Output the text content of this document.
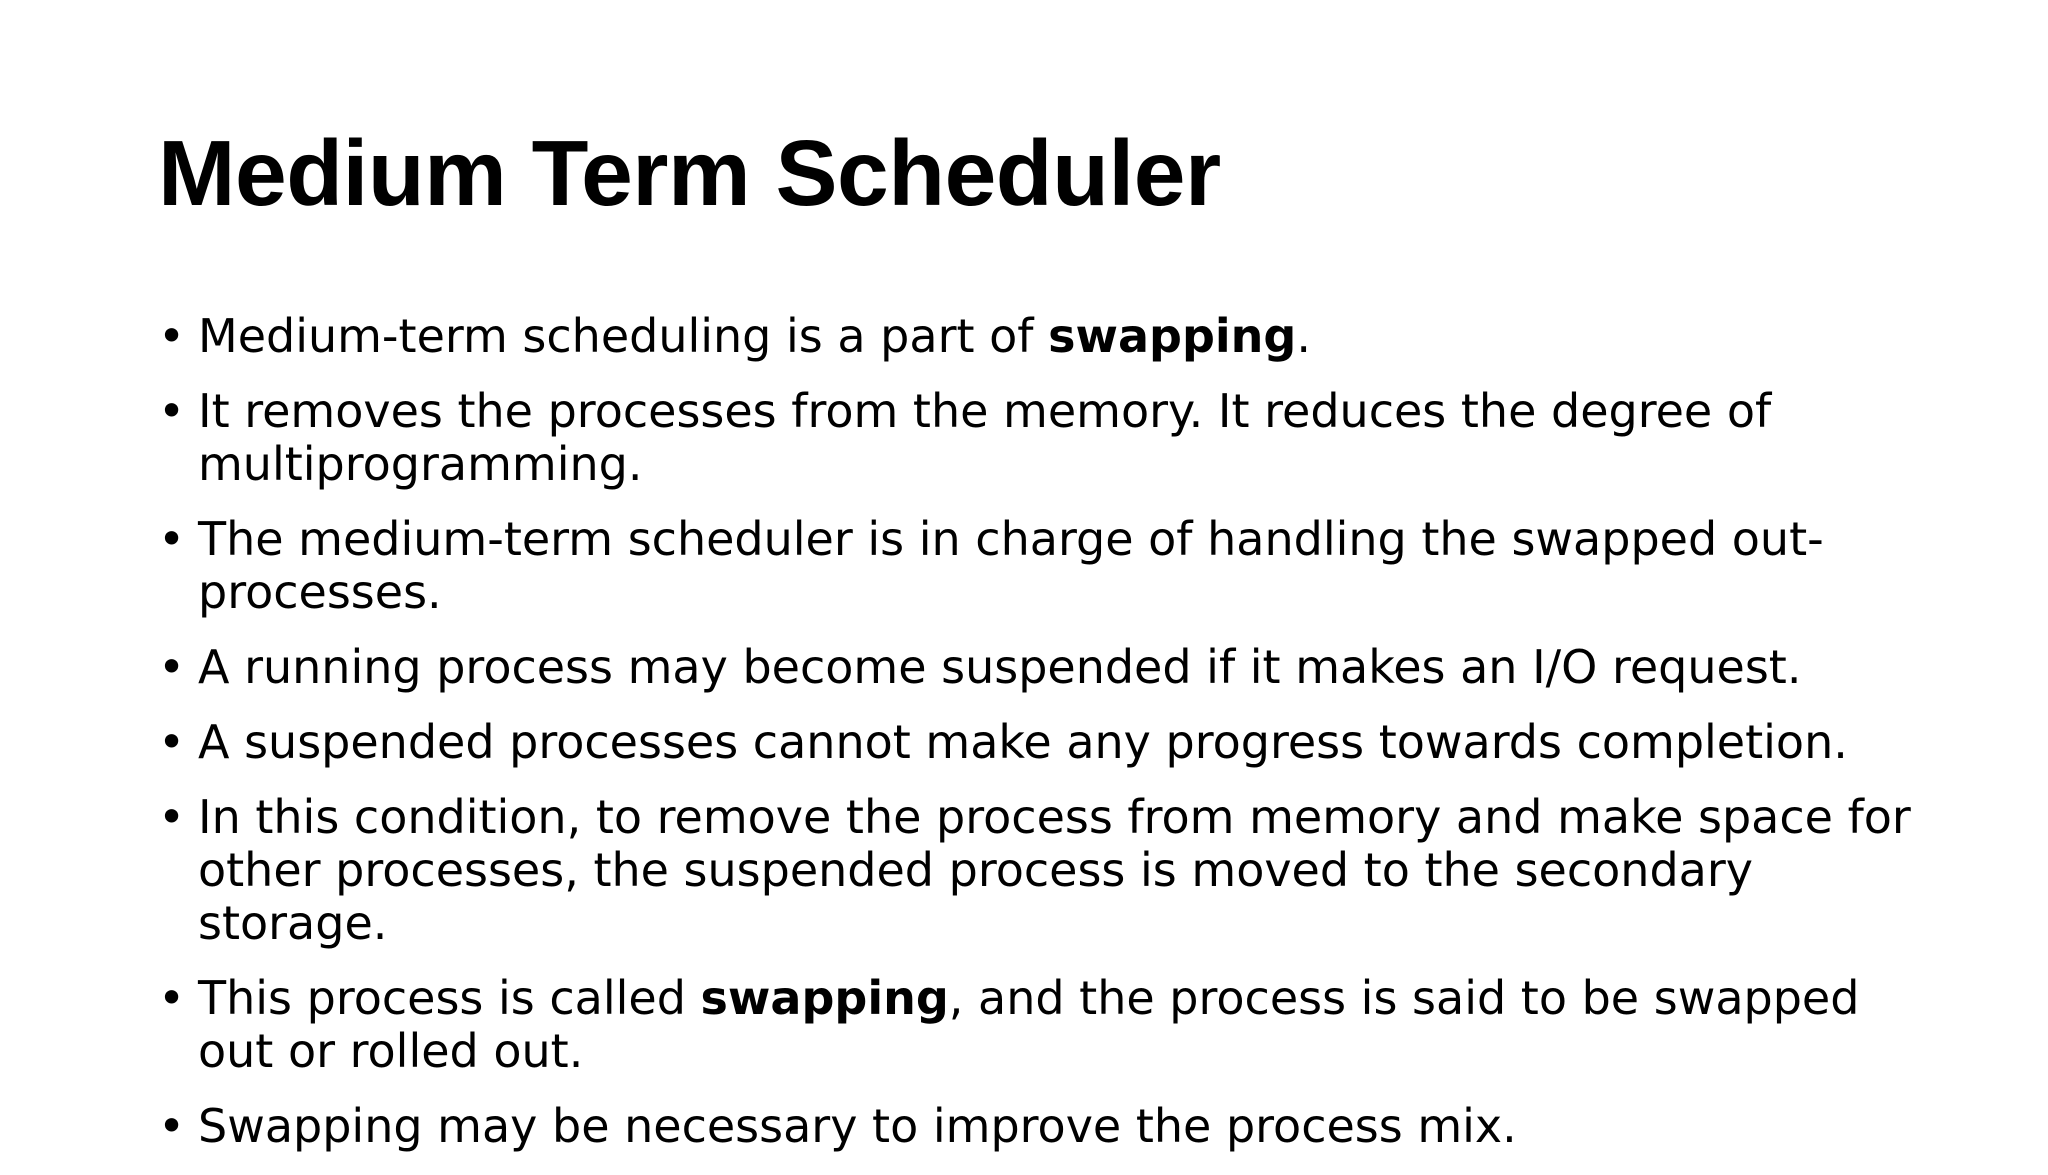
Medium Term Scheduler
• Medium-term scheduling is a part of swapping.
• It removes the processes from the memory. It reduces the degree of multiprogramming.
• The medium-term scheduler is in charge of handling the swapped out-processes.
• A running process may become suspended if it makes an I/O request.
• A suspended processes cannot make any progress towards completion.
• In this condition, to remove the process from memory and make space for other processes, the suspended process is moved to the secondary storage.
• This process is called swapping, and the process is said to be swapped out or rolled out.
• Swapping may be necessary to improve the process mix.
